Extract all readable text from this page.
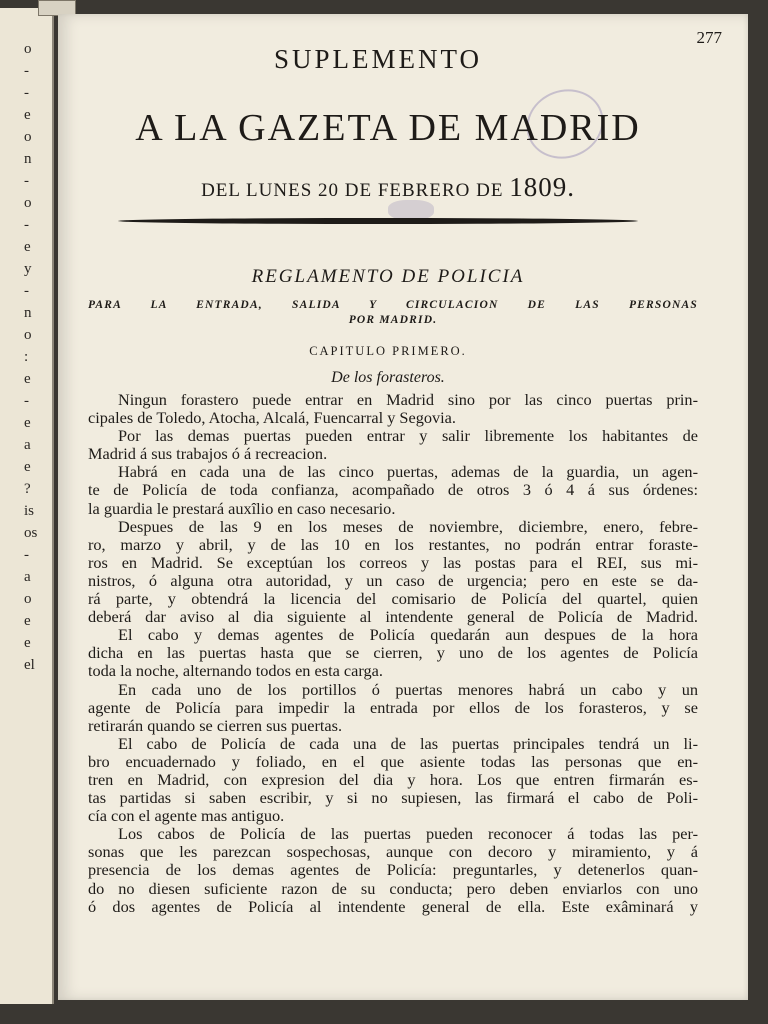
o
-
-
e
o
n
-
o
-
e
y
-
n
o
:
e
-
e
a
e
?
is
os
-
a
o
e
e
el
277
SUPLEMENTO
A LA GAZETA DE MADRID
DEL LUNES 20 DE FEBRERO DE 1809.
REGLAMENTO DE POLICIA
PARA LA ENTRADA, SALIDA Y CIRCULACION DE LAS PERSONAS
POR MADRID.
CAPITULO PRIMERO.
De los forasteros.
Ningun forastero puede entrar en Madrid sino por las cinco puertas prin-
cipales de Toledo, Atocha, Alcalá, Fuencarral y Segovia.
Por las demas puertas pueden entrar y salir libremente los habitantes de
Madrid á sus trabajos ó á recreacion.
Habrá en cada una de las cinco puertas, ademas de la guardia, un agen-
te de Policía de toda confianza, acompañado de otros 3 ó 4 á sus órdenes:
la guardia le prestará auxîlio en caso necesario.
Despues de las 9 en los meses de noviembre, diciembre, enero, febre-
ro, marzo y abril, y de las 10 en los restantes, no podrán entrar foraste-
ros en Madrid. Se exceptúan los correos y las postas para el REI, sus mi-
nistros, ó alguna otra autoridad, y un caso de urgencia; pero en este se da-
rá parte, y obtendrá la licencia del comisario de Policía del quartel, quien
deberá dar aviso al dia siguiente al intendente general de Policía de Madrid.
El cabo y demas agentes de Policía quedarán aun despues de la hora
dicha en las puertas hasta que se cierren, y uno de los agentes de Policía
toda la noche, alternando todos en esta carga.
En cada uno de los portillos ó puertas menores habrá un cabo y un
agente de Policía para impedir la entrada por ellos de los forasteros, y se
retirarán quando se cierren sus puertas.
El cabo de Policía de cada una de las puertas principales tendrá un li-
bro encuadernado y foliado, en el que asiente todas las personas que en-
tren en Madrid, con expresion del dia y hora. Los que entren firmarán es-
tas partidas si saben escribir, y si no supiesen, las firmará el cabo de Poli-
cía con el agente mas antiguo.
Los cabos de Policía de las puertas pueden reconocer á todas las per-
sonas que les parezcan sospechosas, aunque con decoro y miramiento, y á
presencia de los demas agentes de Policía: preguntarles, y detenerlos quan-
do no diesen suficiente razon de su conducta; pero deben enviarlos con uno
ó dos agentes de Policía al intendente general de ella. Este exâminará y
